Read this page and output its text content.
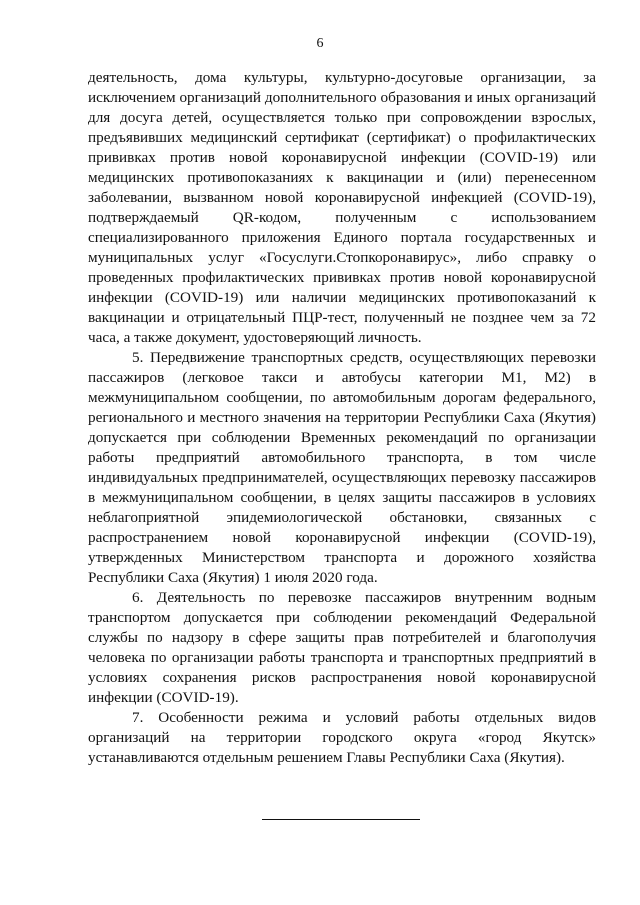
6

деятельность, дома культуры, культурно-досуговые организации, за исключением организаций дополнительного образования и иных организаций для досуга детей, осуществляется только при сопровождении взрослых, предъявивших медицинский сертификат (сертификат) о профилактических прививках против новой коронавирусной инфекции (COVID-19) или медицинских противопоказаниях к вакцинации и (или) перенесенном заболевании, вызванном новой коронавирусной инфекцией (COVID-19), подтверждаемый QR-кодом, полученным с использованием специализированного приложения Единого портала государственных и муниципальных услуг «Госуслуги.Стопкоронавирус», либо справку о проведенных профилактических прививках против новой коронавирусной инфекции (COVID-19) или наличии медицинских противопоказаний к вакцинации и отрицательный ПЦР-тест, полученный не позднее чем за 72 часа, а также документ, удостоверяющий личность.

5. Передвижение транспортных средств, осуществляющих перевозки пассажиров (легковое такси и автобусы категории М1, М2) в межмуниципальном сообщении, по автомобильным дорогам федерального, регионального и местного значения на территории Республики Саха (Якутия) допускается при соблюдении Временных рекомендаций по организации работы предприятий автомобильного транспорта, в том числе индивидуальных предпринимателей, осуществляющих перевозку пассажиров в межмуниципальном сообщении, в целях защиты пассажиров в условиях неблагоприятной эпидемиологической обстановки, связанных с распространением новой коронавирусной инфекции (COVID-19), утвержденных Министерством транспорта и дорожного хозяйства Республики Саха (Якутия) 1 июля 2020 года.

6. Деятельность по перевозке пассажиров внутренним водным транспортом допускается при соблюдении рекомендаций Федеральной службы по надзору в сфере защиты прав потребителей и благополучия человека по организации работы транспорта и транспортных предприятий в условиях сохранения рисков распространения новой коронавирусной инфекции (COVID-19).

7. Особенности режима и условий работы отдельных видов организаций на территории городского округа «город Якутск» устанавливаются отдельным решением Главы Республики Саха (Якутия).
